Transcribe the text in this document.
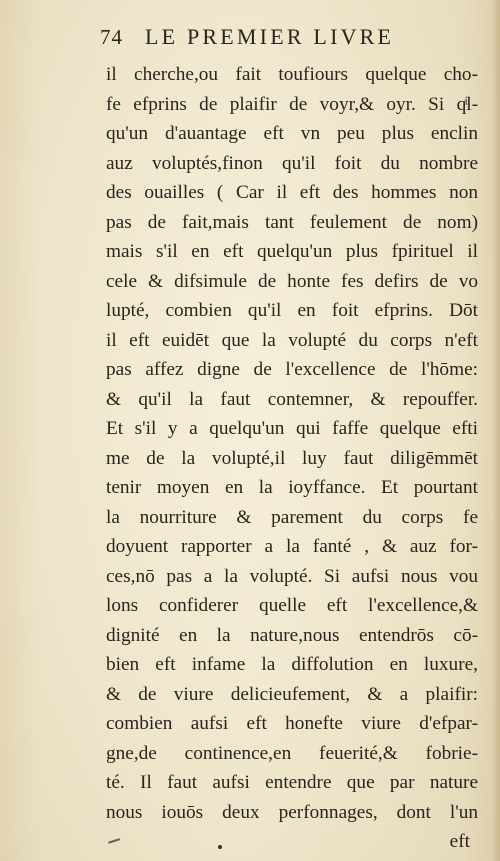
74 LE PREMIER LIVRE
il cherche,ou fait toufiours quelque cho-
fe efprins de plaifir de voyr,& oyr. Si qͥl-
qu'un d'auantage eft vn peu plus enclin
auz voluptés,finon qu'il foit du nombre
des ouailles ( Car il eft des hommes non
pas de fait,mais tant feulement de nom)
mais s'il en eft quelqu'un plus fpirituel il
cele & difsimule de honte fes defirs de vo
lupté, combien qu'il en foit efprins. Dōt
il eft euidēt que la volupté du corps n'eft
pas affez digne de l'excellence de l'hōme:
& qu'il la faut contemner, & repouffer.
Et s'il y a quelqu'un qui faffe quelque efti
me de la volupté,il luy faut diligēmmēt
tenir moyen en la ioyffance. Et pourtant
la nourriture & parement du corps fe
doyuent rapporter a la fanté , & auz for-
ces,nō pas a la volupté. Si aufsi nous vou
lons confiderer quelle eft l'excellence,&
dignité en la nature,nous entendrōs cō-
bien eft infame la diffolution en luxure,
& de viure delicieufement, & a plaifir:
combien aufsi eft honefte viure d'efpar-
gne,de continence,en feuerité,& fobrie-
té. Il faut aufsi entendre que par nature
nous iouōs deux perfonnages, dont l'un
eft
